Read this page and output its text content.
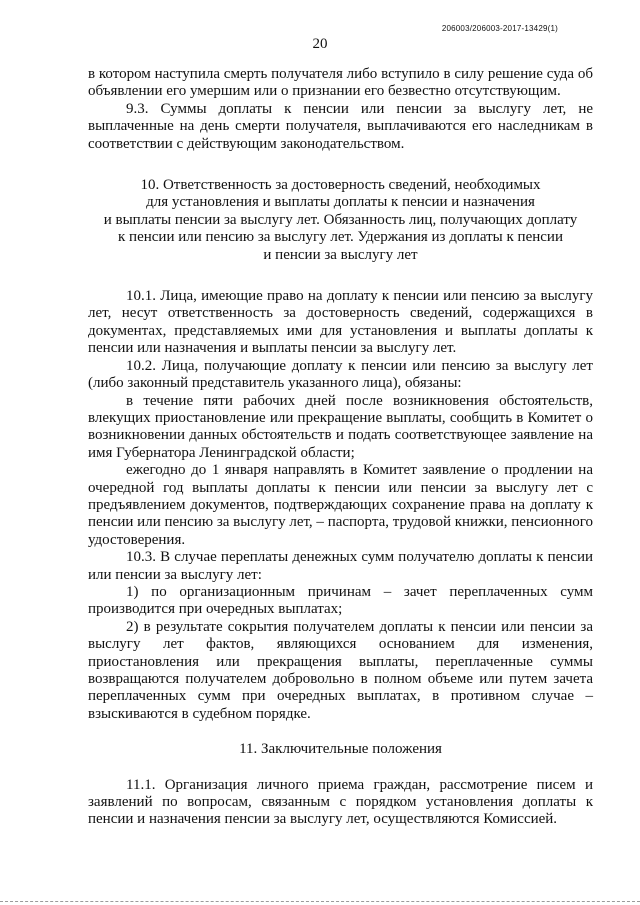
206003/206003-2017-13429(1)
20

в котором наступила смерть получателя либо вступило в силу решение суда об объявлении его умершим или о признании его безвестно отсутствующим.

9.3. Суммы доплаты к пенсии или пенсии за выслугу лет, не выплаченные на день смерти получателя, выплачиваются его наследникам в соответствии с действующим законодательством.

10. Ответственность за достоверность сведений, необходимых
для установления и выплаты доплаты к пенсии и назначения
и выплаты пенсии за выслугу лет. Обязанность лиц, получающих доплату
к пенсии или пенсию за выслугу лет. Удержания из доплаты к пенсии
и пенсии за выслугу лет

10.1. Лица, имеющие право на доплату к пенсии или пенсию за выслугу лет, несут ответственность за достоверность сведений, содержащихся в документах, представляемых ими для установления и выплаты доплаты к пенсии или назначения и выплаты пенсии за выслугу лет.

10.2. Лица, получающие доплату к пенсии или пенсию за выслугу лет (либо законный представитель указанного лица), обязаны:

в течение пяти рабочих дней после возникновения обстоятельств, влекущих приостановление или прекращение выплаты, сообщить в Комитет о возникновении данных обстоятельств и подать соответствующее заявление на имя Губернатора Ленинградской области;

ежегодно до 1 января направлять в Комитет заявление о продлении на очередной год выплаты доплаты к пенсии или пенсии за выслугу лет с предъявлением документов, подтверждающих сохранение права на доплату к пенсии или пенсию за выслугу лет, – паспорта, трудовой книжки, пенсионного удостоверения.

10.3. В случае переплаты денежных сумм получателю доплаты к пенсии или пенсии за выслугу лет:

1) по организационным причинам – зачет переплаченных сумм производится при очередных выплатах;

2) в результате сокрытия получателем доплаты к пенсии или пенсии за выслугу лет фактов, являющихся основанием для изменения, приостановления или прекращения выплаты, переплаченные суммы возвращаются получателем добровольно в полном объеме или путем зачета переплаченных сумм при очередных выплатах, в противном случае – взыскиваются в судебном порядке.

11. Заключительные положения

11.1. Организация личного приема граждан, рассмотрение писем и заявлений по вопросам, связанным с порядком установления доплаты к пенсии и назначения пенсии за выслугу лет, осуществляются Комиссией.
